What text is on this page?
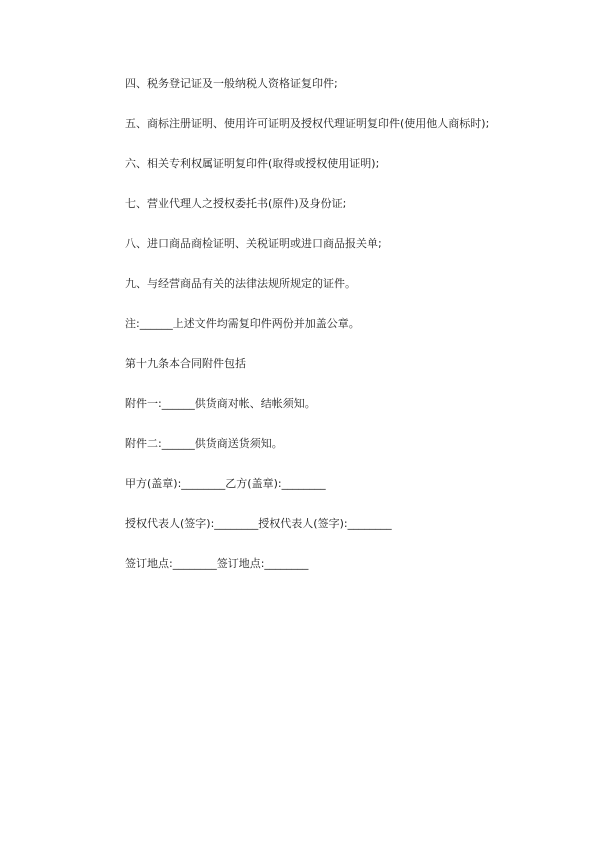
四、税务登记证及一般纳税人资格证复印件;
五、商标注册证明、使用许可证明及授权代理证明复印件(使用他人商标时);
六、相关专利权属证明复印件(取得或授权使用证明);
七、营业代理人之授权委托书(原件)及身份证;
八、进口商品商检证明、关税证明或进口商品报关单;
九、与经营商品有关的法律法规所规定的证件。
注:______上述文件均需复印件两份并加盖公章。
第十九条本合同附件包括
附件一:______供货商对帐、结帐须知。
附件二:______供货商送货须知。
甲方(盖章):________乙方(盖章):________
授权代表人(签字):________授权代表人(签字):________
签订地点:________签订地点:________
